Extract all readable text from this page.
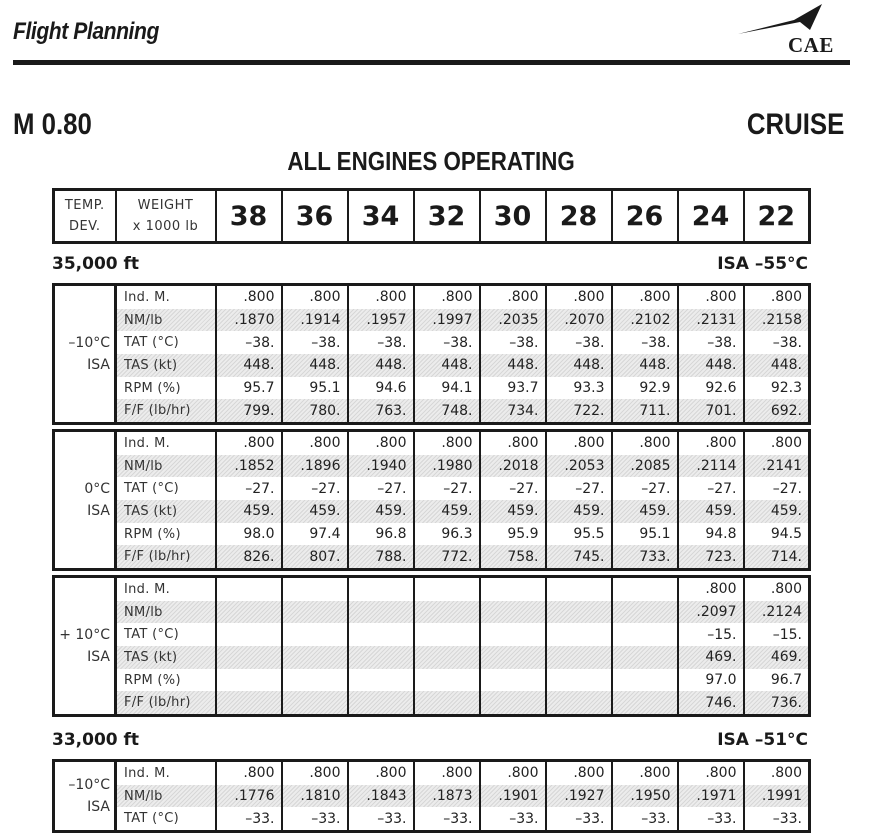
Flight Planning	CAE
M 0.80	CRUISE
ALL ENGINES OPERATING
TEMP.
DEV.

WEIGHT
x 1000 lb	38	36	34	32	30	28	26	24	22
35,000 ft	ISA –55°C
–10°C
ISA	Ind. M.	.800	.800	.800	.800	.800	.800	.800	.800	.800
	NM/lb	.1870	.1914	.1957	.1997	.2035	.2070	.2102	.2131	.2158
	TAT (°C)	–38.	–38.	–38.	–38.	–38.	–38.	–38.	–38.	–38.
	TAS (kt)	448.	448.	448.	448.	448.	448.	448.	448.	448.
	RPM (%)	95.7	95.1	94.6	94.1	93.7	93.3	92.9	92.6	92.3
	F/F (lb/hr)	799.	780.	763.	748.	734.	722.	711.	701.	692.
0°C
ISA	Ind. M.	.800	.800	.800	.800	.800	.800	.800	.800	.800
	NM/lb	.1852	.1896	.1940	.1980	.2018	.2053	.2085	.2114	.2141
	TAT (°C)	–27.	–27.	–27.	–27.	–27.	–27.	–27.	–27.	–27.
	TAS (kt)	459.	459.	459.	459.	459.	459.	459.	459.	459.
	RPM (%)	98.0	97.4	96.8	96.3	95.9	95.5	95.1	94.8	94.5
	F/F (lb/hr)	826.	807.	788.	772.	758.	745.	733.	723.	714.
+ 10°C
ISA	Ind. M.								.800	.800
	NM/lb								.2097	.2124
	TAT (°C)								–15.	–15.
	TAS (kt)								469.	469.
	RPM (%)								97.0	96.7
	F/F (lb/hr)								746.	736.
33,000 ft	ISA –51°C
–10°C
ISA	Ind. M.	.800	.800	.800	.800	.800	.800	.800	.800	.800
	NM/lb	.1776	.1810	.1843	.1873	.1901	.1927	.1950	.1971	.1991
	TAT (°C)	–33.	–33.	–33.	–33.	–33.	–33.	–33.	–33.	–33.
